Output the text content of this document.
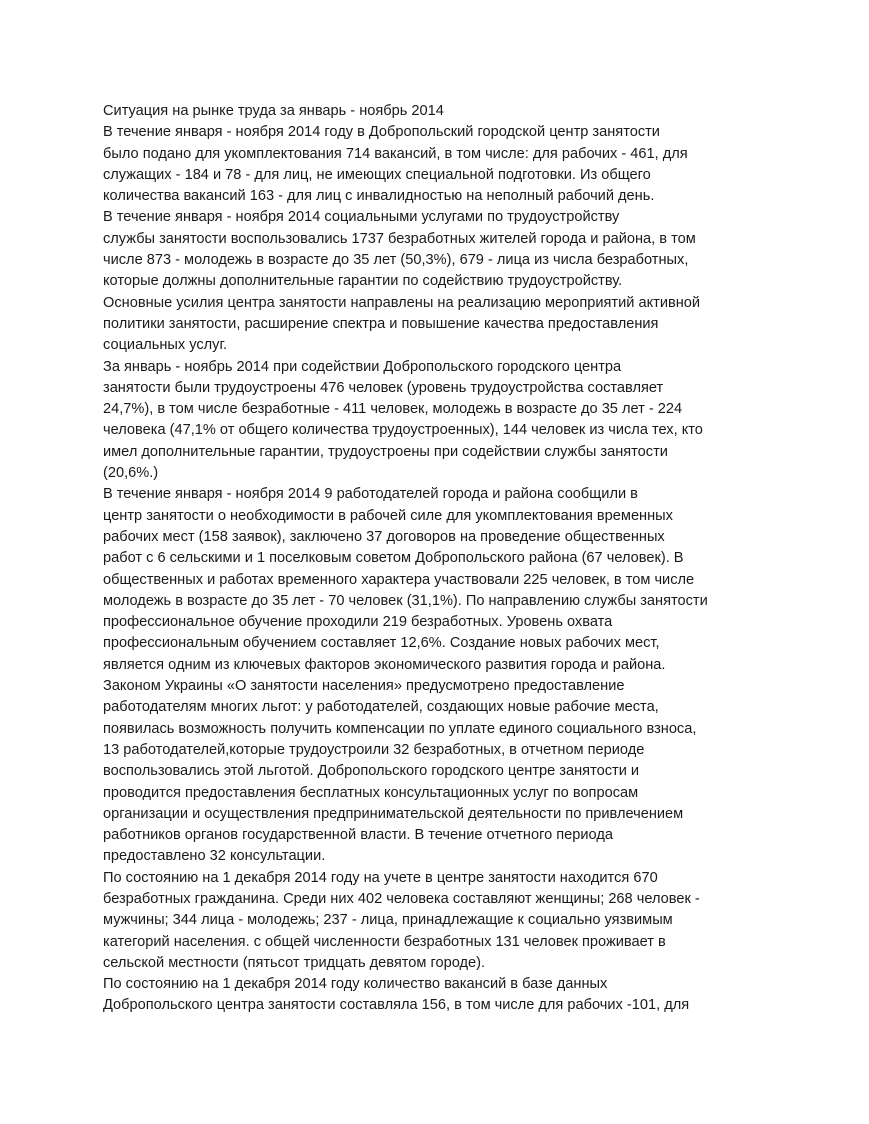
Ситуация на рынке труда за январь - ноябрь 2014
В течение января - ноября 2014 году в Добропольский городской центр занятости
было подано для укомплектования 714 вакансий, в том числе: для рабочих - 461, для
служащих - 184 и 78 - для лиц, не имеющих специальной подготовки. Из общего
количества вакансий 163 - для лиц с инвалидностью на неполный рабочий день.
В течение января - ноября 2014 социальными услугами по трудоустройству
службы занятости воспользовались 1737 безработных жителей города и района, в том
числе 873 - молодежь в возрасте до 35 лет (50,3%), 679 - лица из числа безработных,
которые должны дополнительные гарантии по содействию трудоустройству.
Основные усилия центра занятости направлены на реализацию мероприятий активной
политики занятости, расширение спектра и повышение качества предоставления
социальных услуг.
За январь - ноябрь 2014 при содействии Добропольского городского центра
занятости были трудоустроены 476 человек (уровень трудоустройства составляет
24,7%), в том числе безработные - 411 человек, молодежь в возрасте до 35 лет - 224
человека (47,1% от общего количества трудоустроенных), 144 человек из числа тех, кто
имел дополнительные гарантии, трудоустроены при содействии службы занятости
(20,6%.)
В течение января - ноября 2014 9 работодателей города и района сообщили в
центр занятости о необходимости в рабочей силе для укомплектования временных
рабочих мест (158 заявок), заключено 37 договоров на проведение общественных
работ с 6 сельскими и 1 поселковым советом Добропольского района (67 человек). В
общественных и работах временного характера участвовали 225 человек, в том числе
молодежь в возрасте до 35 лет - 70 человек (31,1%). По направлению службы занятости
профессиональное обучение проходили 219 безработных. Уровень охвата
профессиональным обучением составляет 12,6%. Создание новых рабочих мест,
является одним из ключевых факторов экономического развития города и района.
Законом Украины «О занятости населения» предусмотрено предоставление
работодателям многих льгот: у работодателей, создающих новые рабочие места,
появилась возможность получить компенсации по уплате единого социального взноса,
13 работодателей,которые трудоустроили 32 безработных, в отчетном периоде
воспользовались этой льготой. Добропольского городского центре занятости и
проводится предоставления бесплатных консультационных услуг по вопросам
организации и осуществления предпринимательской деятельности по привлечением
работников органов государственной власти. В течение отчетного периода
предоставлено 32 консультации.
По состоянию на 1 декабря 2014 году на учете в центре занятости находится 670
безработных гражданина. Среди них 402 человека составляют женщины; 268 человек -
мужчины; 344 лица - молодежь; 237 - лица, принадлежащие к социально уязвимым
категорий населения. с общей численности безработных 131 человек проживает в
сельской местности (пятьсот тридцать девятом городе).
По состоянию на 1 декабря 2014 году количество вакансий в базе данных
Добропольского центра занятости составляла 156, в том числе для рабочих -101, для
